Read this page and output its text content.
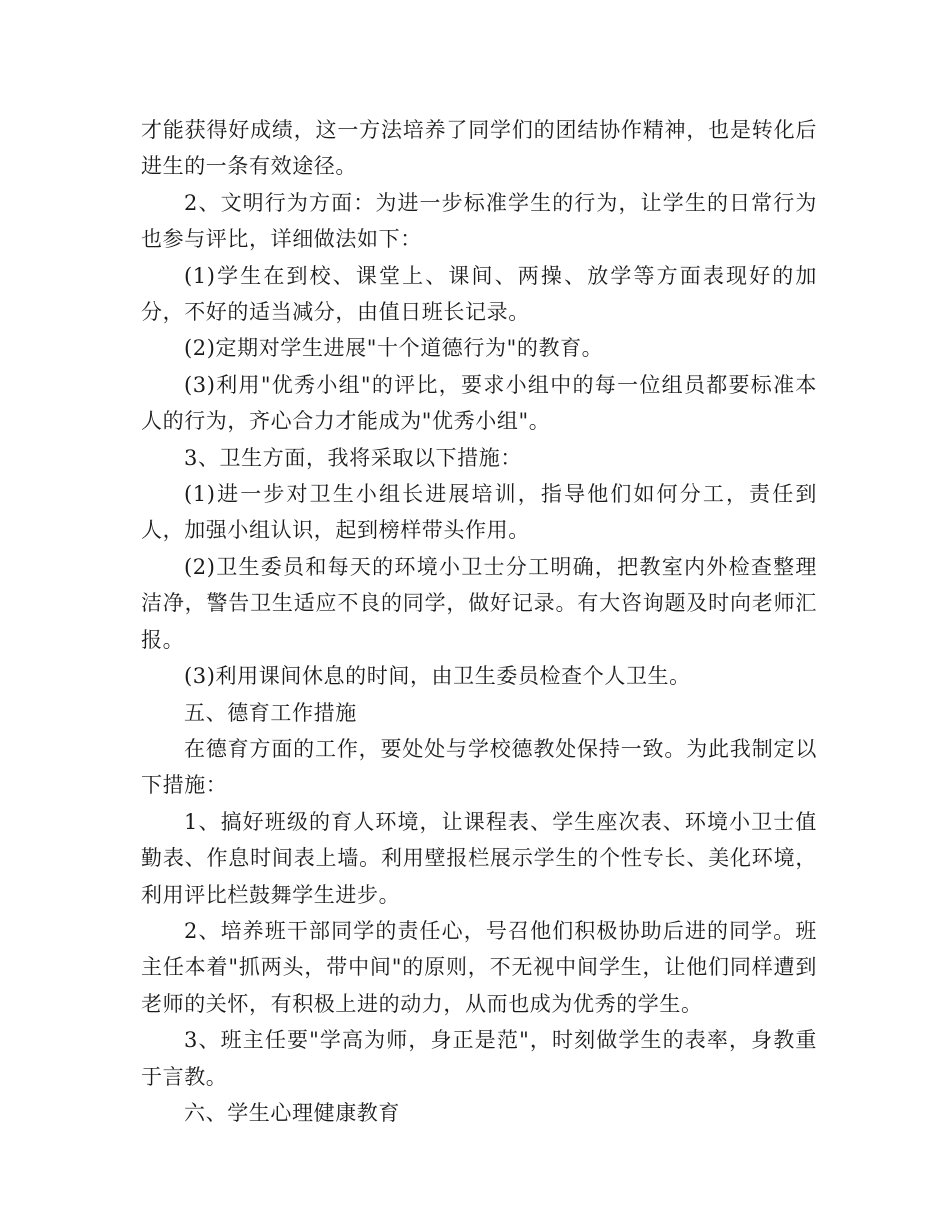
才能获得好成绩，这一方法培养了同学们的团结协作精神，也是转化后进生的一条有效途径。

2、文明行为方面：为进一步标准学生的行为，让学生的日常行为也参与评比，详细做法如下：

(1)学生在到校、课堂上、课间、两操、放学等方面表现好的加分，不好的适当减分，由值日班长记录。

(2)定期对学生进展"十个道德行为"的教育。

(3)利用"优秀小组"的评比，要求小组中的每一位组员都要标准本人的行为，齐心合力才能成为"优秀小组"。

3、卫生方面，我将采取以下措施：

(1)进一步对卫生小组长进展培训，指导他们如何分工，责任到人，加强小组认识，起到榜样带头作用。

(2)卫生委员和每天的环境小卫士分工明确，把教室内外检查整理洁净，警告卫生适应不良的同学，做好记录。有大咨询题及时向老师汇报。

(3)利用课间休息的时间，由卫生委员检查个人卫生。

五、德育工作措施

在德育方面的工作，要处处与学校德教处保持一致。为此我制定以下措施：

1、搞好班级的育人环境，让课程表、学生座次表、环境小卫士值勤表、作息时间表上墙。利用壁报栏展示学生的个性专长、美化环境，利用评比栏鼓舞学生进步。

2、培养班干部同学的责任心，号召他们积极协助后进的同学。班主任本着"抓两头，带中间"的原则，不无视中间学生，让他们同样遭到老师的关怀，有积极上进的动力，从而也成为优秀的学生。

3、班主任要"学高为师，身正是范"，时刻做学生的表率，身教重于言教。

六、学生心理健康教育
